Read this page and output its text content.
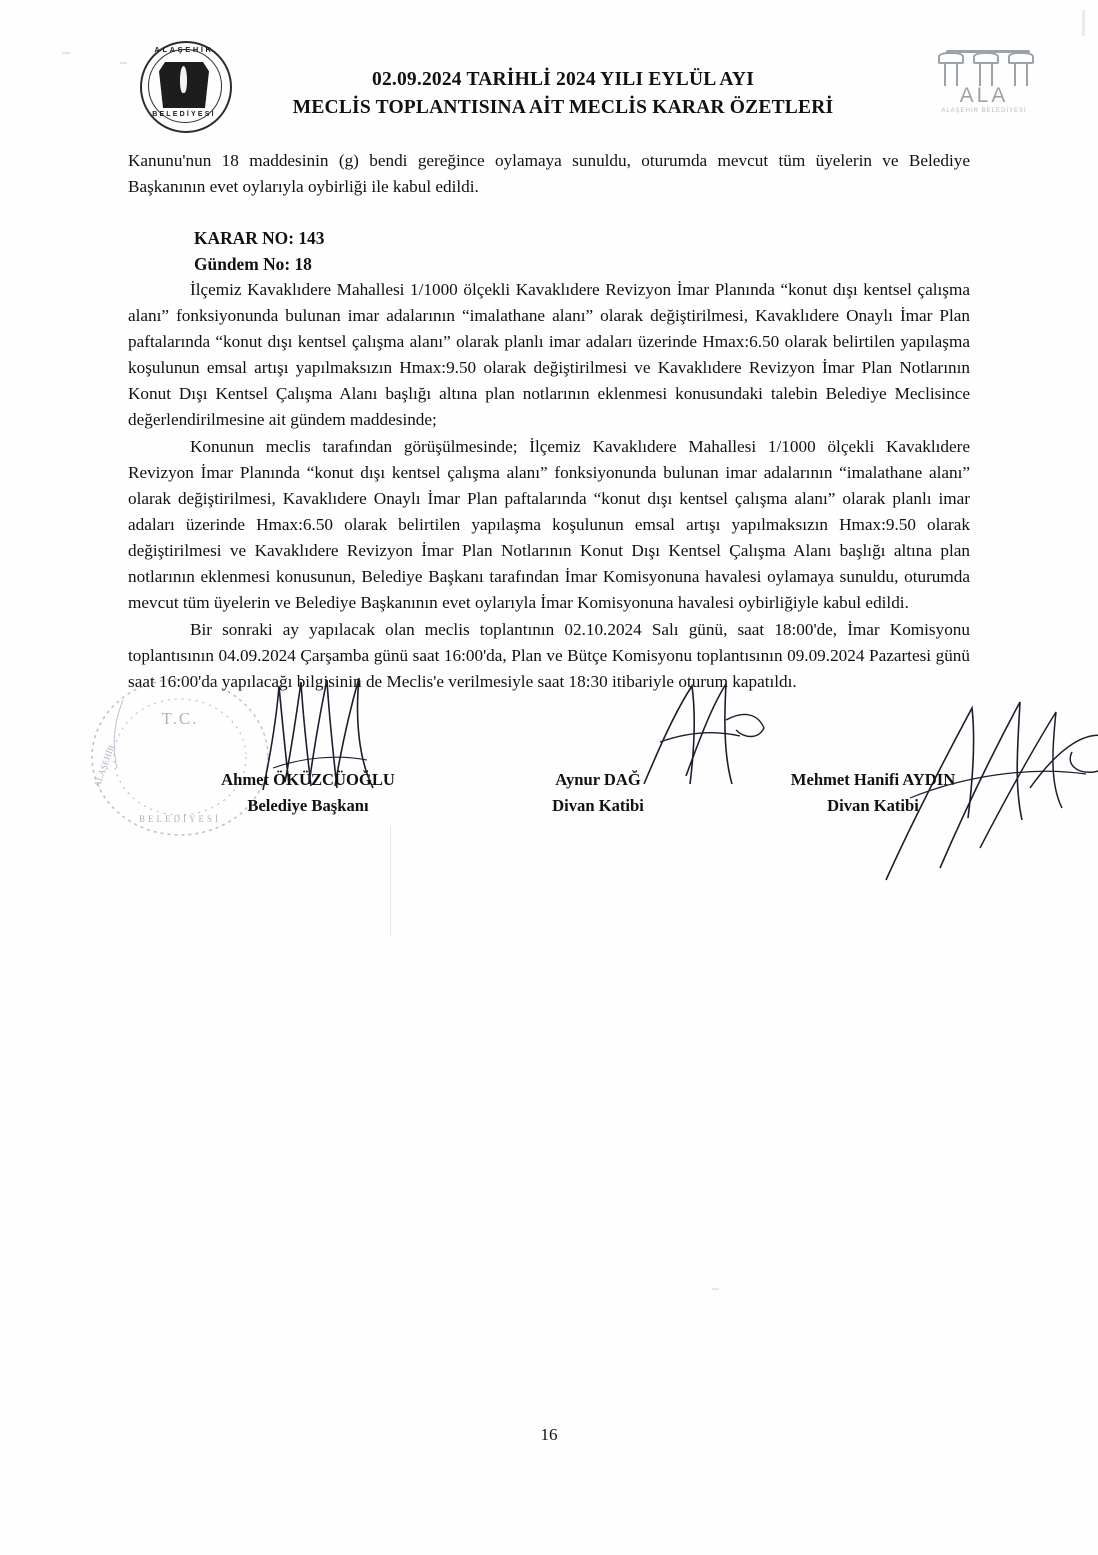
ALAŞEHİR
BELEDİYESİ
02.09.2024 TARİHLİ 2024 YILI EYLÜL AYI
MECLİS TOPLANTISINA AİT MECLİS KARAR ÖZETLERİ
ALA
ALAŞEHİR BELEDİYESİ

Kanunu'nun 18 maddesinin (g) bendi gereğince oylamaya sunuldu, oturumda mevcut tüm üyelerin ve Belediye Başkanının evet oylarıyla oybirliği ile kabul edildi.

KARAR NO: 143
Gündem No: 18

İlçemiz Kavaklıdere Mahallesi 1/1000 ölçekli Kavaklıdere Revizyon İmar Planında “konut dışı kentsel çalışma alanı” fonksiyonunda bulunan imar adalarının “imalathane alanı” olarak değiştirilmesi, Kavaklıdere Onaylı İmar Plan paftalarında “konut dışı kentsel çalışma alanı” olarak planlı imar adaları üzerinde Hmax:6.50 olarak belirtilen yapılaşma koşulunun emsal artışı yapılmaksızın Hmax:9.50 olarak değiştirilmesi ve Kavaklıdere Revizyon İmar Plan Notlarının Konut Dışı Kentsel Çalışma Alanı başlığı altına plan notlarının eklenmesi konusundaki talebin Belediye Meclisince değerlendirilmesine ait gündem maddesinde;

Konunun meclis tarafından görüşülmesinde; İlçemiz Kavaklıdere Mahallesi 1/1000 ölçekli Kavaklıdere Revizyon İmar Planında “konut dışı kentsel çalışma alanı” fonksiyonunda bulunan imar adalarının “imalathane alanı” olarak değiştirilmesi, Kavaklıdere Onaylı İmar Plan paftalarında “konut dışı kentsel çalışma alanı” olarak planlı imar adaları üzerinde Hmax:6.50 olarak belirtilen yapılaşma koşulunun emsal artışı yapılmaksızın Hmax:9.50 olarak değiştirilmesi ve Kavaklıdere Revizyon İmar Plan Notlarının Konut Dışı Kentsel Çalışma Alanı başlığı altına plan notlarının eklenmesi konusunun, Belediye Başkanı tarafından İmar Komisyonuna havalesi oylamaya sunuldu, oturumda mevcut tüm üyelerin ve Belediye Başkanının evet oylarıyla İmar Komisyonuna havalesi oybirliğiyle kabul edildi.

Bir sonraki ay yapılacak olan meclis toplantının 02.10.2024 Salı günü, saat 18:00'de, İmar Komisyonu toplantısının 04.09.2024 Çarşamba günü saat 16:00'da, Plan ve Bütçe Komisyonu toplantısının 09.09.2024 Pazartesi günü saat 16:00'da yapılacağı bilgisinin de Meclis'e verilmesiyle saat 18:30 itibariyle oturum kapatıldı.

T.C.
ALAŞEHİR
BELEDİYESİ
Ahmet ÖKÜZCÜOĞLU
Belediye Başkanı
Aynur DAĞ
Divan Katibi
Mehmet Hanifi AYDIN
Divan Katibi
16
